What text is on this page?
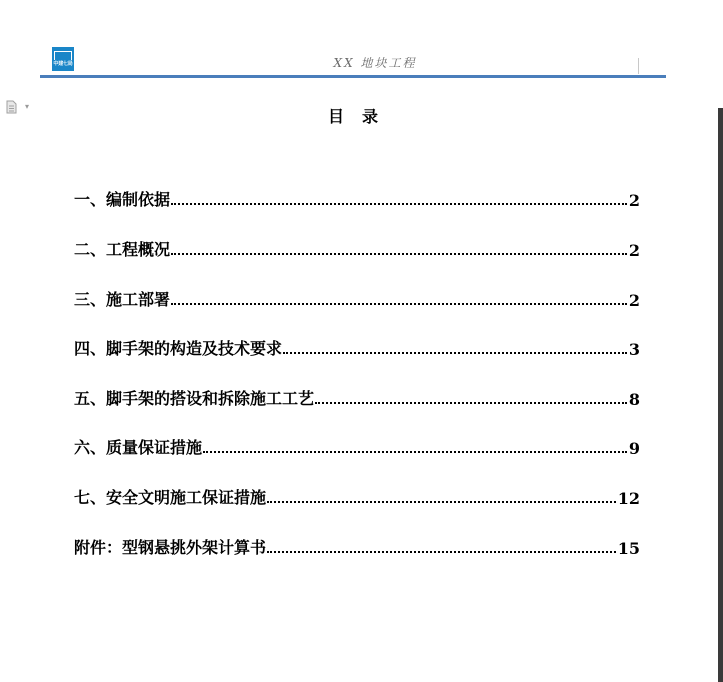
中建七局	XX 地块工程
▾
目 录
一、编制依据	2
二、工程概况	2
三、施工部署	2
四、脚手架的构造及技术要求	3
五、脚手架的搭设和拆除施工工艺	8
六、质量保证措施	9
七、安全文明施工保证措施	12
附件：型钢悬挑外架计算书	15
